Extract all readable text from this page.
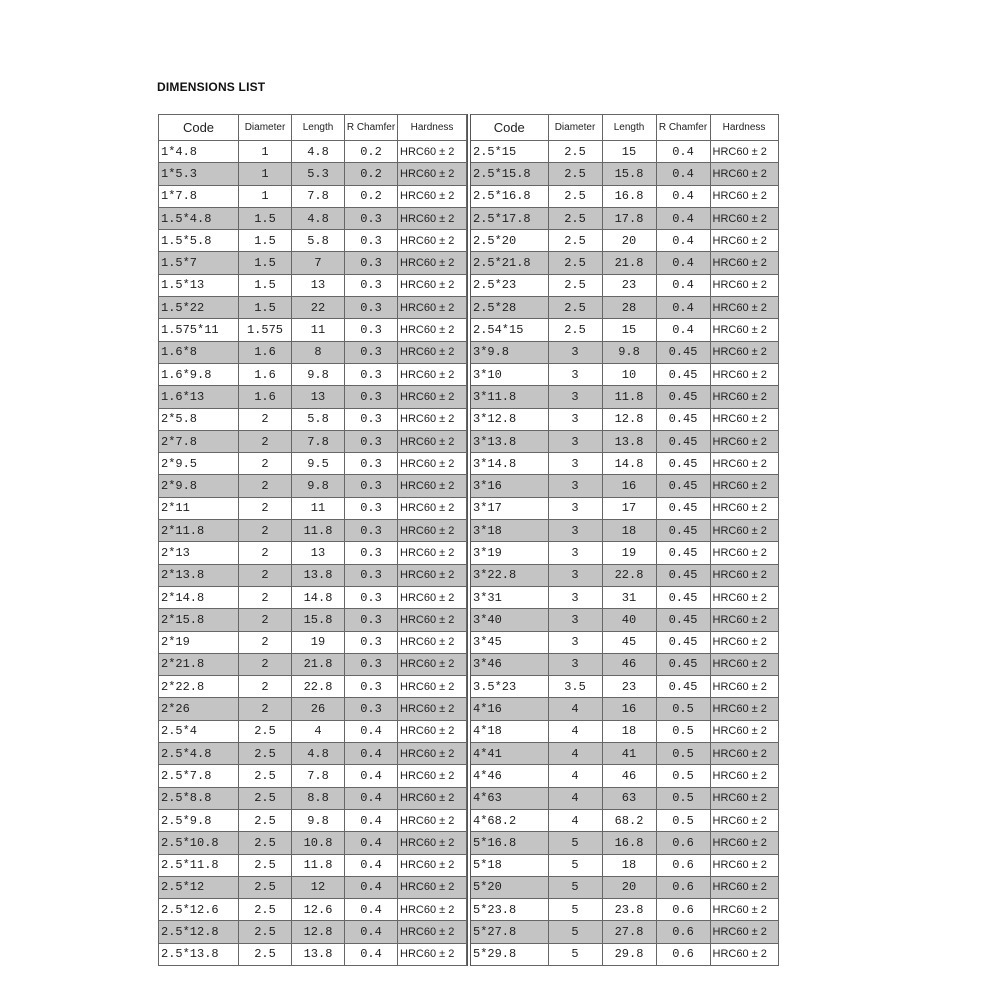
DIMENSIONS LIST
Code	Diameter	Length	R Chamfer	Hardness
1*4.8	1	4.8	0.2	HRC60 ± 2
1*5.3	1	5.3	0.2	HRC60 ± 2
1*7.8	1	7.8	0.2	HRC60 ± 2
1.5*4.8	1.5	4.8	0.3	HRC60 ± 2
1.5*5.8	1.5	5.8	0.3	HRC60 ± 2
1.5*7	1.5	7	0.3	HRC60 ± 2
1.5*13	1.5	13	0.3	HRC60 ± 2
1.5*22	1.5	22	0.3	HRC60 ± 2
1.575*11	1.575	11	0.3	HRC60 ± 2
1.6*8	1.6	8	0.3	HRC60 ± 2
1.6*9.8	1.6	9.8	0.3	HRC60 ± 2
1.6*13	1.6	13	0.3	HRC60 ± 2
2*5.8	2	5.8	0.3	HRC60 ± 2
2*7.8	2	7.8	0.3	HRC60 ± 2
2*9.5	2	9.5	0.3	HRC60 ± 2
2*9.8	2	9.8	0.3	HRC60 ± 2
2*11	2	11	0.3	HRC60 ± 2
2*11.8	2	11.8	0.3	HRC60 ± 2
2*13	2	13	0.3	HRC60 ± 2
2*13.8	2	13.8	0.3	HRC60 ± 2
2*14.8	2	14.8	0.3	HRC60 ± 2
2*15.8	2	15.8	0.3	HRC60 ± 2
2*19	2	19	0.3	HRC60 ± 2
2*21.8	2	21.8	0.3	HRC60 ± 2
2*22.8	2	22.8	0.3	HRC60 ± 2
2*26	2	26	0.3	HRC60 ± 2
2.5*4	2.5	4	0.4	HRC60 ± 2
2.5*4.8	2.5	4.8	0.4	HRC60 ± 2
2.5*7.8	2.5	7.8	0.4	HRC60 ± 2
2.5*8.8	2.5	8.8	0.4	HRC60 ± 2
2.5*9.8	2.5	9.8	0.4	HRC60 ± 2
2.5*10.8	2.5	10.8	0.4	HRC60 ± 2
2.5*11.8	2.5	11.8	0.4	HRC60 ± 2
2.5*12	2.5	12	0.4	HRC60 ± 2
2.5*12.6	2.5	12.6	0.4	HRC60 ± 2
2.5*12.8	2.5	12.8	0.4	HRC60 ± 2
2.5*13.8	2.5	13.8	0.4	HRC60 ± 2
Code	Diameter	Length	R Chamfer	Hardness
2.5*15	2.5	15	0.4	HRC60 ± 2
2.5*15.8	2.5	15.8	0.4	HRC60 ± 2
2.5*16.8	2.5	16.8	0.4	HRC60 ± 2
2.5*17.8	2.5	17.8	0.4	HRC60 ± 2
2.5*20	2.5	20	0.4	HRC60 ± 2
2.5*21.8	2.5	21.8	0.4	HRC60 ± 2
2.5*23	2.5	23	0.4	HRC60 ± 2
2.5*28	2.5	28	0.4	HRC60 ± 2
2.54*15	2.5	15	0.4	HRC60 ± 2
3*9.8	3	9.8	0.45	HRC60 ± 2
3*10	3	10	0.45	HRC60 ± 2
3*11.8	3	11.8	0.45	HRC60 ± 2
3*12.8	3	12.8	0.45	HRC60 ± 2
3*13.8	3	13.8	0.45	HRC60 ± 2
3*14.8	3	14.8	0.45	HRC60 ± 2
3*16	3	16	0.45	HRC60 ± 2
3*17	3	17	0.45	HRC60 ± 2
3*18	3	18	0.45	HRC60 ± 2
3*19	3	19	0.45	HRC60 ± 2
3*22.8	3	22.8	0.45	HRC60 ± 2
3*31	3	31	0.45	HRC60 ± 2
3*40	3	40	0.45	HRC60 ± 2
3*45	3	45	0.45	HRC60 ± 2
3*46	3	46	0.45	HRC60 ± 2
3.5*23	3.5	23	0.45	HRC60 ± 2
4*16	4	16	0.5	HRC60 ± 2
4*18	4	18	0.5	HRC60 ± 2
4*41	4	41	0.5	HRC60 ± 2
4*46	4	46	0.5	HRC60 ± 2
4*63	4	63	0.5	HRC60 ± 2
4*68.2	4	68.2	0.5	HRC60 ± 2
5*16.8	5	16.8	0.6	HRC60 ± 2
5*18	5	18	0.6	HRC60 ± 2
5*20	5	20	0.6	HRC60 ± 2
5*23.8	5	23.8	0.6	HRC60 ± 2
5*27.8	5	27.8	0.6	HRC60 ± 2
5*29.8	5	29.8	0.6	HRC60 ± 2
